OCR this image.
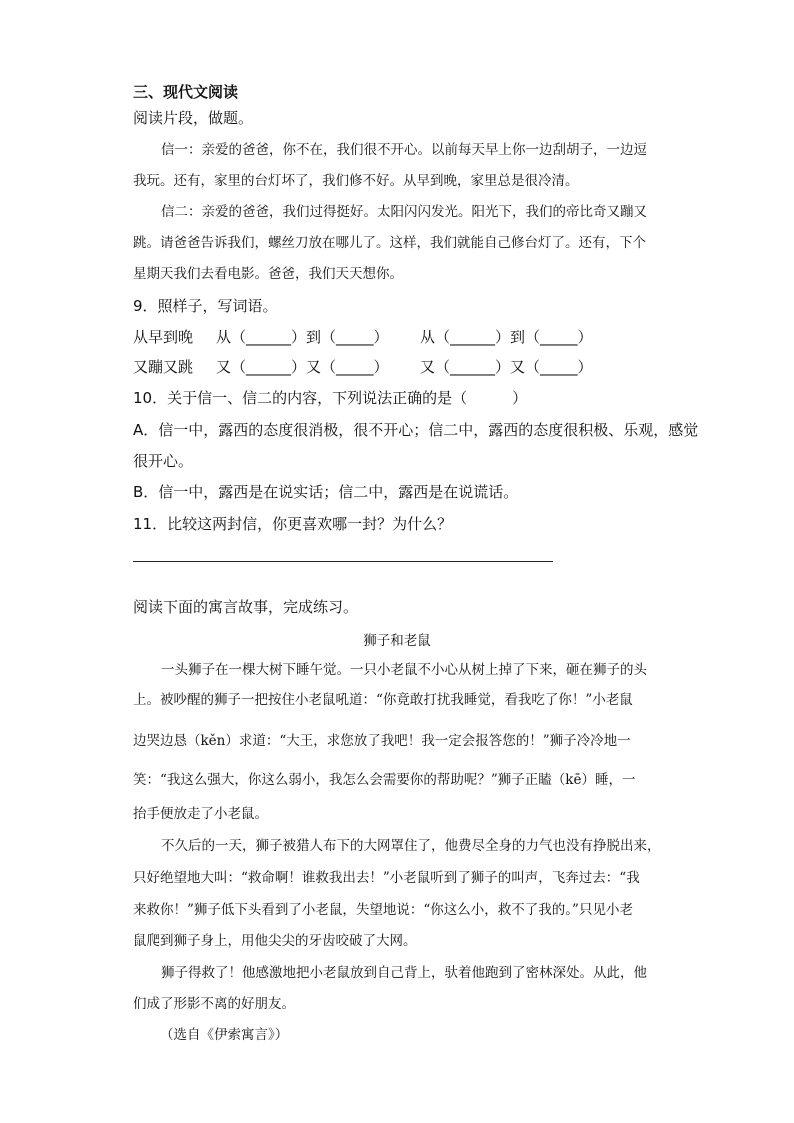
三、现代文阅读
阅读片段，做题。
信一：亲爱的爸爸，你不在，我们很不开心。以前每天早上你一边刮胡子，一边逗
我玩。还有，家里的台灯坏了，我们修不好。从早到晚，家里总是很冷清。
信二：亲爱的爸爸，我们过得挺好。太阳闪闪发光。阳光下，我们的帝比奇又蹦又
跳。请爸爸告诉我们，螺丝刀放在哪儿了。这样，我们就能自己修台灯了。还有，下个
星期天我们去看电影。爸爸，我们天天想你。
9．照样子，写词语。
从早到晚 从（______）到（_____） 从（______）到（_____）
又蹦又跳 又（______）又（_____） 又（______）又（_____）
10．关于信一、信二的内容，下列说法正确的是（　　　）
A．信一中，露西的态度很消极，很不开心；信二中，露西的态度很积极、乐观，感觉
很开心。
B．信一中，露西是在说实话；信二中，露西是在说谎话。
11．比较这两封信，你更喜欢哪一封？为什么？
阅读下面的寓言故事，完成练习。
狮子和老鼠
一头狮子在一棵大树下睡午觉。一只小老鼠不小心从树上掉了下来，砸在狮子的头
上。被吵醒的狮子一把按住小老鼠吼道：“你竟敢打扰我睡觉，看我吃了你！”小老鼠
边哭边恳（kěn）求道：“大王，求您放了我吧！我一定会报答您的！”狮子冷冷地一
笑：“我这么强大，你这么弱小，我怎么会需要你的帮助呢？”狮子正瞌（kē）睡，一
抬手便放走了小老鼠。
不久后的一天，狮子被猎人布下的大网罩住了，他费尽全身的力气也没有挣脱出来，
只好绝望地大叫：“救命啊！谁救我出去！”小老鼠听到了狮子的叫声，飞奔过去：“我
来救你！”狮子低下头看到了小老鼠，失望地说：“你这么小，救不了我的。”只见小老
鼠爬到狮子身上，用他尖尖的牙齿咬破了大网。
狮子得救了！他感激地把小老鼠放到自己背上，驮着他跑到了密林深处。从此，他
们成了形影不离的好朋友。
（选自《伊索寓言》）
